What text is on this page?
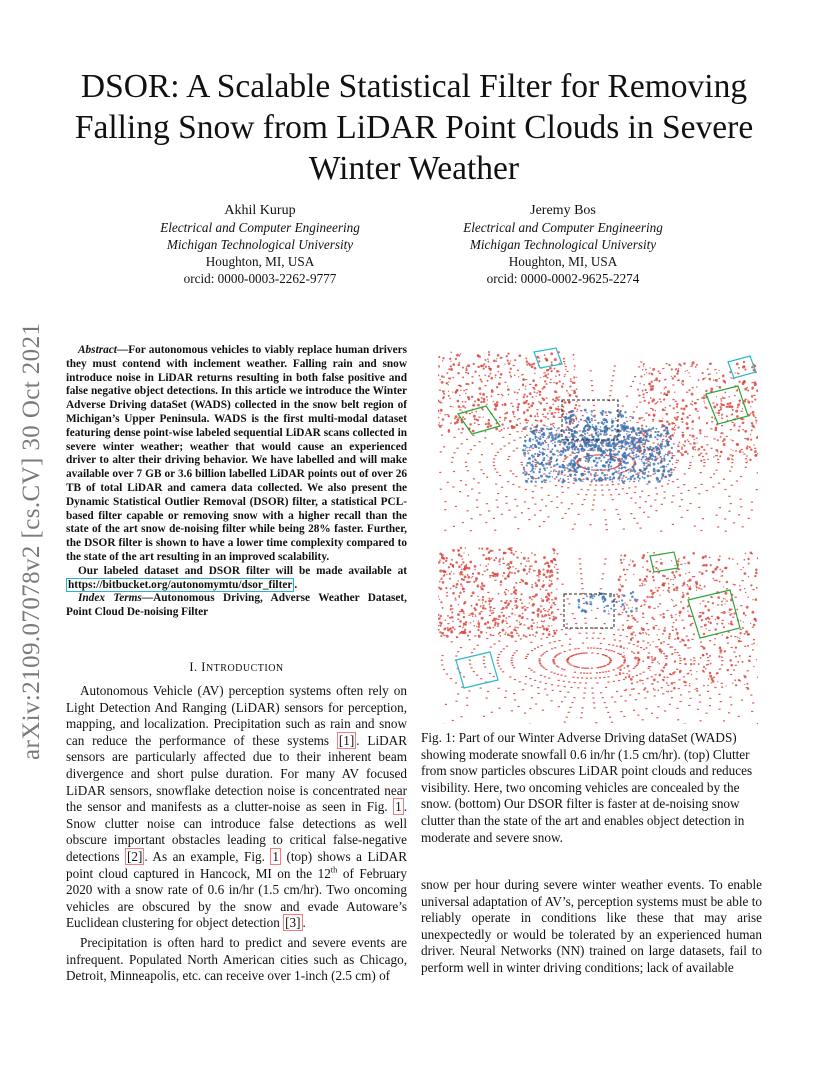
arXiv:2109.07078v2 [cs.CV] 30 Oct 2021
DSOR: A Scalable Statistical Filter for Removing Falling Snow from LiDAR Point Clouds in Severe Winter Weather
Akhil Kurup
Electrical and Computer Engineering
Michigan Technological University
Houghton, MI, USA
orcid: 0000-0003-2262-9777
Jeremy Bos
Electrical and Computer Engineering
Michigan Technological University
Houghton, MI, USA
orcid: 0000-0002-9625-2274

Abstract—For autonomous vehicles to viably replace human drivers they must contend with inclement weather. Falling rain and snow introduce noise in LiDAR returns resulting in both false positive and false negative object detections. In this article we introduce the Winter Adverse Driving dataSet (WADS) collected in the snow belt region of Michigan’s Upper Peninsula. WADS is the first multi-modal dataset featuring dense point-wise labeled sequential LiDAR scans collected in severe winter weather; weather that would cause an experienced driver to alter their driving behavior. We have labelled and will make available over 7 GB or 3.6 billion labelled LiDAR points out of over 26 TB of total LiDAR and camera data collected. We also present the Dynamic Statistical Outlier Removal (DSOR) filter, a statistical PCL-based filter capable or removing snow with a higher recall than the state of the art snow de-noising filter while being 28% faster. Further, the DSOR filter is shown to have a lower time complexity compared to the state of the art resulting in an improved scalability.

Our labeled dataset and DSOR filter will be made available at https://bitbucket.org/autonomymtu/dsor_filter .

Index Terms—Autonomous Driving, Adverse Weather Dataset, Point Cloud De-noising Filter

I. INTRODUCTION

Autonomous Vehicle (AV) perception systems often rely on Light Detection And Ranging (LiDAR) sensors for perception, mapping, and localization. Precipitation such as rain and snow can reduce the performance of these systems [1] . LiDAR sensors are particularly affected due to their inherent beam divergence and short pulse duration. For many AV focused LiDAR sensors, snowflake detection noise is concentrated near the sensor and manifests as a clutter-noise as seen in Fig. 1 . Snow clutter noise can introduce false detections as well obscure important obstacles leading to critical false-negative detections [2] . As an example, Fig. 1 (top) shows a LiDAR point cloud captured in Hancock, MI on the 12th of February 2020 with a snow rate of 0.6 in/hr (1.5 cm/hr). Two oncoming vehicles are obscured by the snow and evade Autoware’s Euclidean clustering for object detection [3] .

Precipitation is often hard to predict and severe events are infrequent. Populated North American cities such as Chicago, Detroit, Minneapolis, etc. can receive over 1-inch (2.5 cm) of

Fig. 1: Part of our Winter Adverse Driving dataSet (WADS) showing moderate snowfall 0.6 in/hr (1.5 cm/hr). (top) Clutter from snow particles obscures LiDAR point clouds and reduces visibility. Here, two oncoming vehicles are concealed by the snow. (bottom) Our DSOR filter is faster at de-noising snow clutter than the state of the art and enables object detection in moderate and severe snow.

snow per hour during severe winter weather events. To enable universal adaptation of AV’s, perception systems must be able to reliably operate in conditions like these that may arise unexpectedly or would be tolerated by an experienced human driver. Neural Networks (NN) trained on large datasets, fail to perform well in winter driving conditions; lack of available
